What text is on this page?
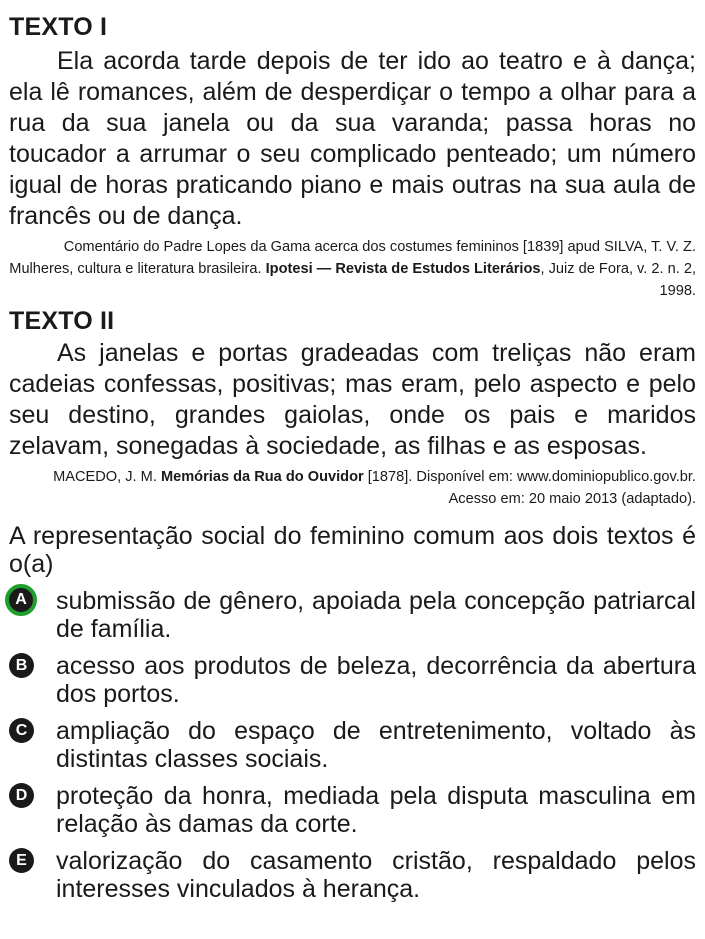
TEXTO I

Ela acorda tarde depois de ter ido ao teatro e à dança; ela lê romances, além de desperdiçar o tempo a olhar para a rua da sua janela ou da sua varanda; passa horas no toucador a arrumar o seu complicado penteado; um número igual de horas praticando piano e mais outras na sua aula de francês ou de dança.

Comentário do Padre Lopes da Gama acerca dos costumes femininos [1839] apud SILVA, T. V. Z. Mulheres, cultura e literatura brasileira. Ipotesi — Revista de Estudos Literários, Juiz de Fora, v. 2. n. 2, 1998.

TEXTO II

As janelas e portas gradeadas com treliças não eram cadeias confessas, positivas; mas eram, pelo aspecto e pelo seu destino, grandes gaiolas, onde os pais e maridos zelavam, sonegadas à sociedade, as filhas e as esposas.

MACEDO, J. M. Memórias da Rua do Ouvidor [1878]. Disponível em: www.dominiopublico.gov.br. Acesso em: 20 maio 2013 (adaptado).

A representação social do feminino comum aos dois textos é o(a)

A	submissão de gênero, apoiada pela concepção patriarcal de família.
B acesso aos produtos de beleza, decorrência da abertura dos portos.
C ampliação do espaço de entretenimento, voltado às distintas classes sociais.
D proteção da honra, mediada pela disputa masculina em relação às damas da corte.
E valorização do casamento cristão, respaldado pelos interesses vinculados à herança.
